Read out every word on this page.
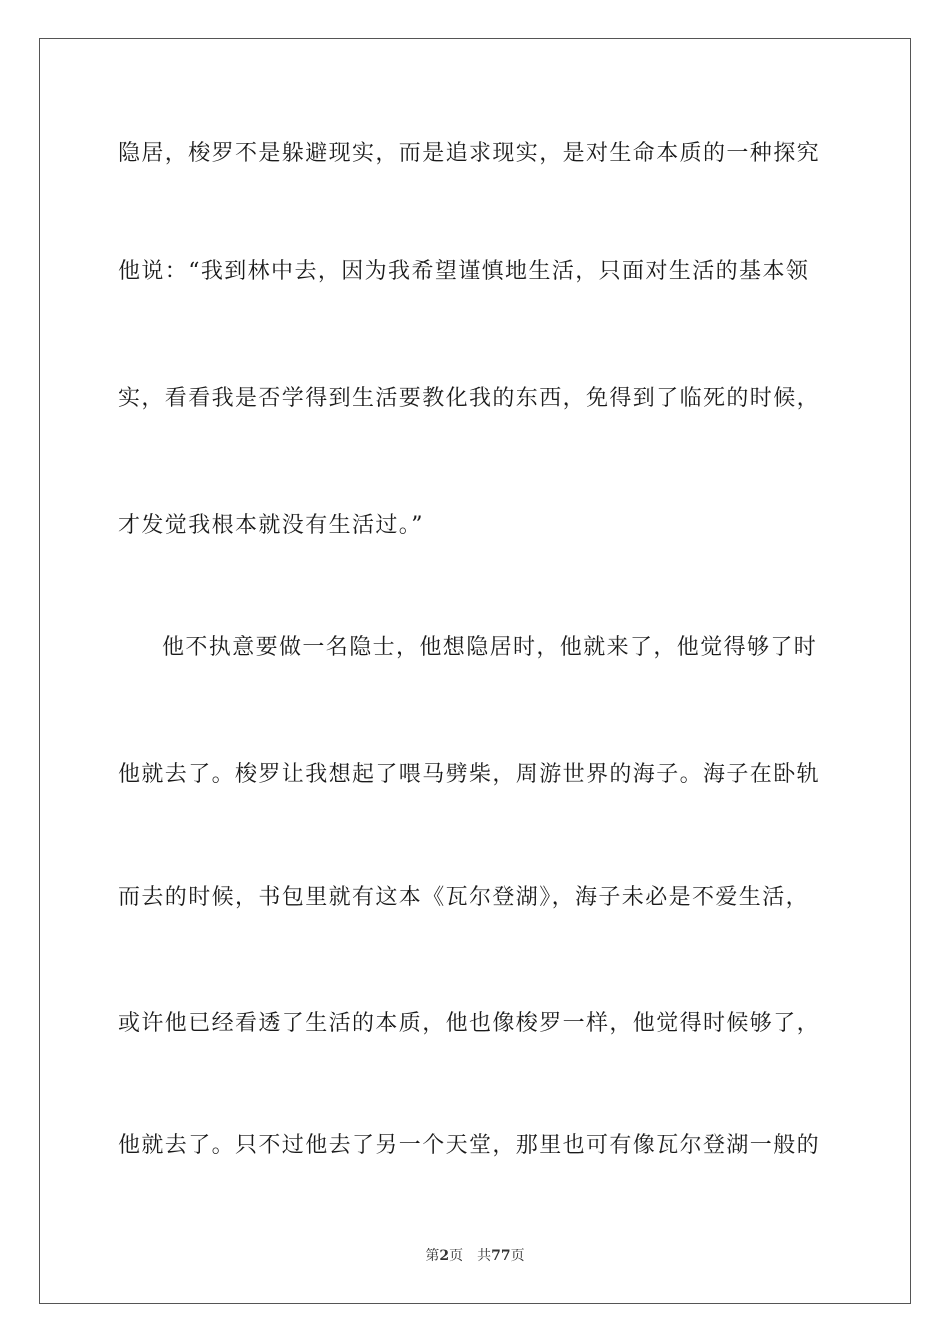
隐居，梭罗不是躲避现实，而是追求现实，是对生命本质的一种探究
他说：“我到林中去，因为我希望谨慎地生活，只面对生活的基本领
实，看看我是否学得到生活要教化我的东西，免得到了临死的时候，
才发觉我根本就没有生活过。”
他不执意要做一名隐士，他想隐居时，他就来了，他觉得够了时
他就去了。梭罗让我想起了喂马劈柴，周游世界的海子。海子在卧轨
而去的时候，书包里就有这本《瓦尔登湖》，海子未必是不爱生活，
或许他已经看透了生活的本质，他也像梭罗一样，他觉得时候够了，
他就去了。只不过他去了另一个天堂，那里也可有像瓦尔登湖一般的
第2页 共77页
